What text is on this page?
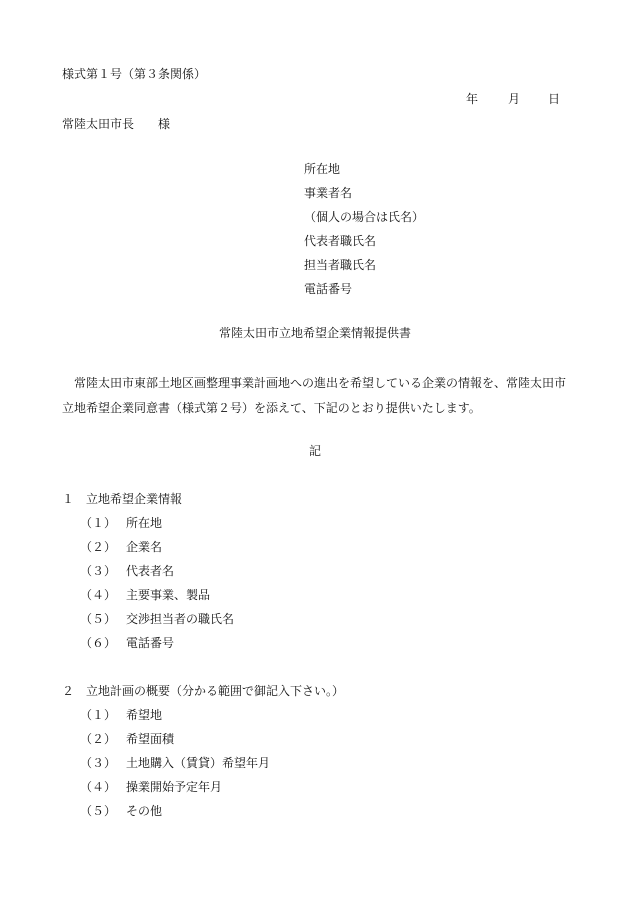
様式第１号（第３条関係）
年 月 日
常陸太田市長　　様
所在地
事業者名
（個人の場合は氏名）
代表者職氏名
担当者職氏名
電話番号
常陸太田市立地希望企業情報提供書
　常陸太田市東部土地区画整理事業計画地への進出を希望している企業の情報を、常陸太田市立地希望企業同意書（様式第２号）を添えて、下記のとおり提供いたします。
記
１　立地希望企業情報
（１） 所在地
（２） 企業名
（３） 代表者名
（４） 主要事業、製品
（５） 交渉担当者の職氏名
（６） 電話番号
２　立地計画の概要（分かる範囲で御記入下さい。）
（１） 希望地
（２） 希望面積
（３） 土地購入（賃貸）希望年月
（４） 操業開始予定年月
（５） その他
